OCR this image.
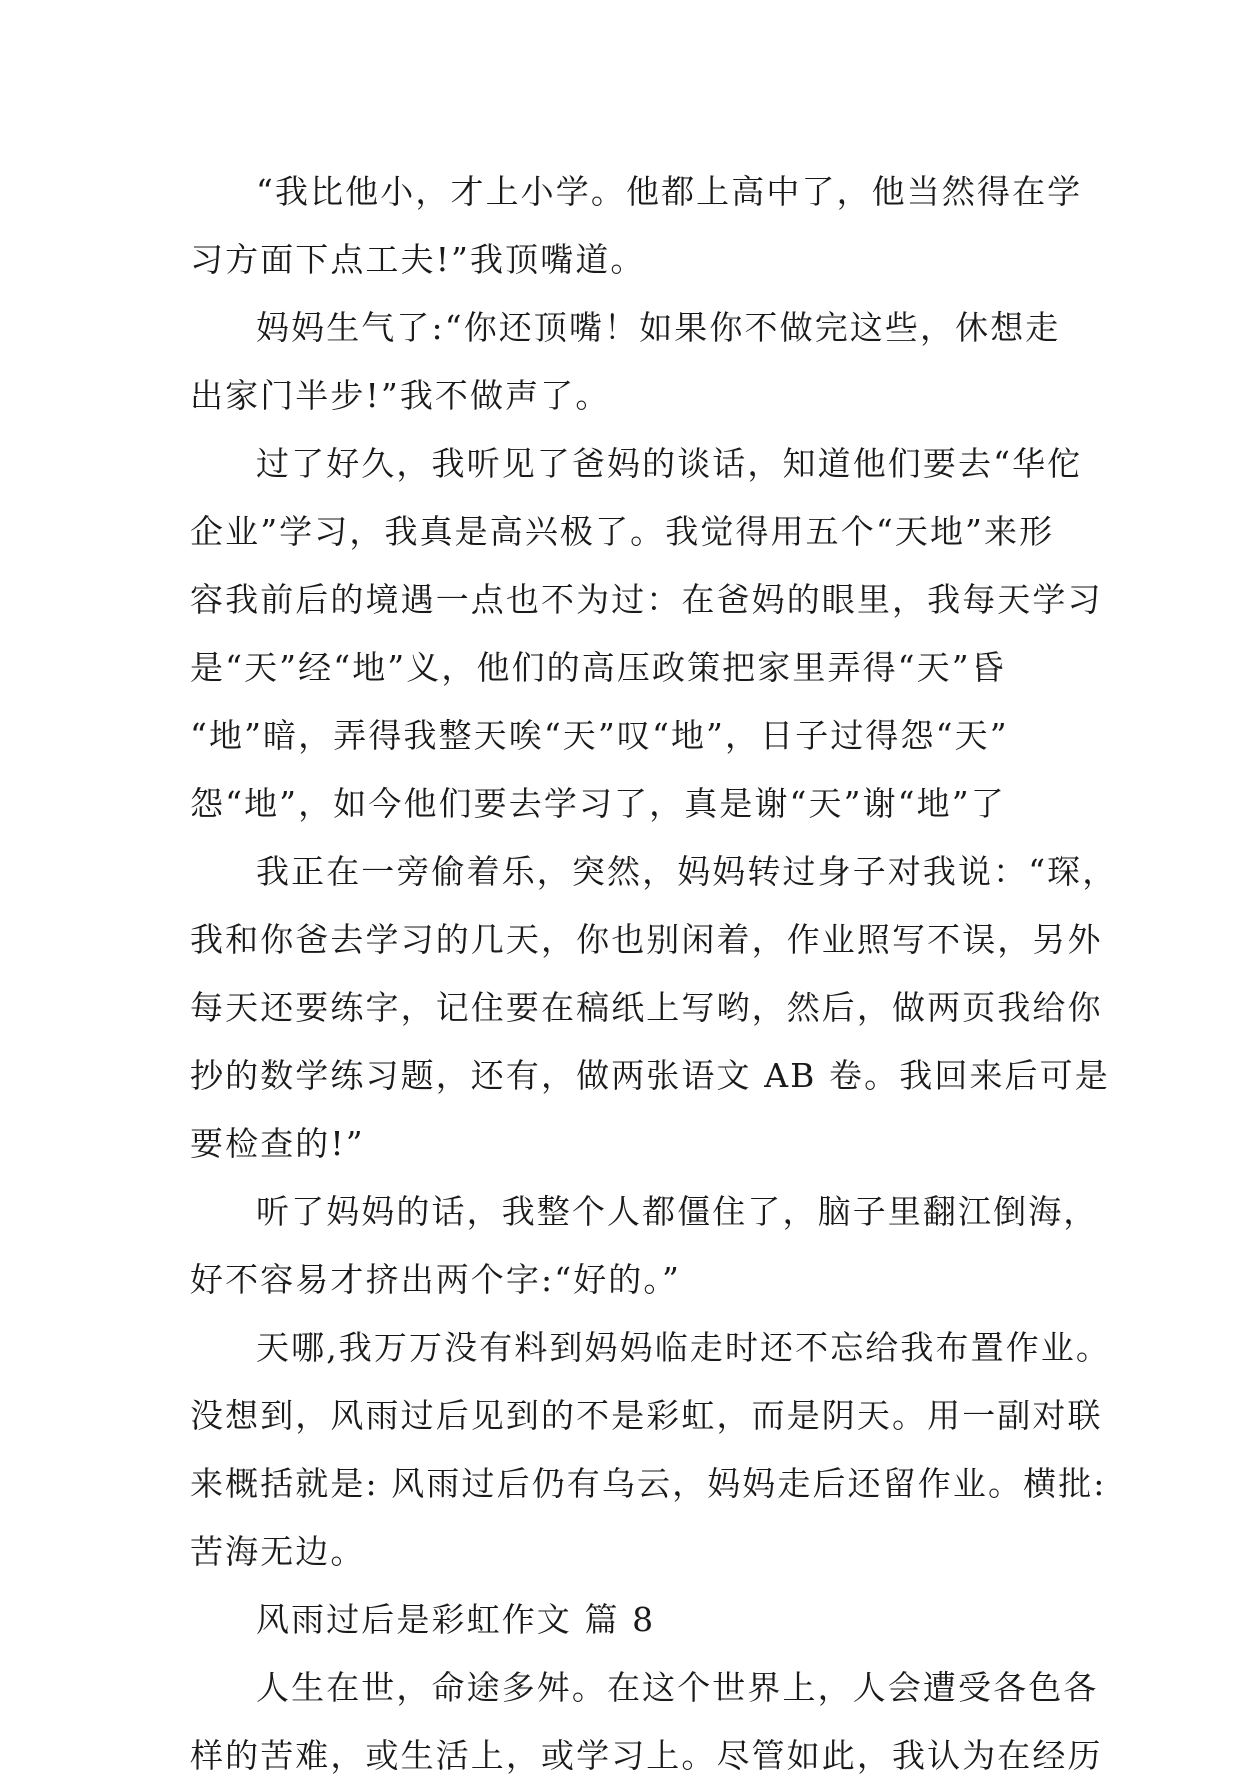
“我比他小，才上小学。他都上高中了，他当然得在学
习方面下点工夫!”我顶嘴道。
妈妈生气了:“你还顶嘴！如果你不做完这些，休想走
出家门半步!”我不做声了。
过了好久，我听见了爸妈的谈话，知道他们要去“华佗
企业”学习，我真是高兴极了。我觉得用五个“天地”来形
容我前后的境遇一点也不为过：在爸妈的眼里，我每天学习
是“天”经“地”义，他们的高压政策把家里弄得“天”昏
“地”暗，弄得我整天唉“天”叹“地”，日子过得怨“天”
怨“地”，如今他们要去学习了，真是谢“天”谢“地”了
我正在一旁偷着乐，突然，妈妈转过身子对我说：“琛，
我和你爸去学习的几天，你也别闲着，作业照写不误，另外
每天还要练字，记住要在稿纸上写哟，然后，做两页我给你
抄的数学练习题，还有，做两张语文 AB 卷。我回来后可是
要检查的!”
听了妈妈的话，我整个人都僵住了，脑子里翻江倒海，
好不容易才挤出两个字:“好的。”
天哪,我万万没有料到妈妈临走时还不忘给我布置作业。
没想到，风雨过后见到的不是彩虹，而是阴天。用一副对联
来概括就是: 风雨过后仍有乌云，妈妈走后还留作业。横批:
苦海无边。
风雨过后是彩虹作文 篇 8
人生在世，命途多舛。在这个世界上，人会遭受各色各
样的苦难，或生活上，或学习上。尽管如此，我认为在经历
